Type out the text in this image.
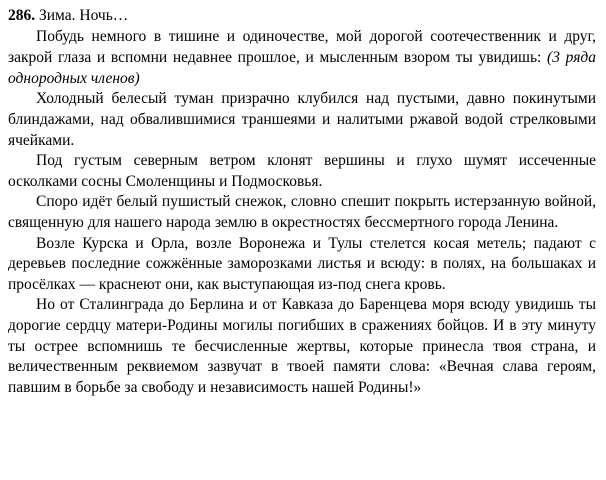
286. Зима. Ночь…

Побудь немного в тишине и одиночестве, мой дорогой соотечественник и друг, закрой глаза и вспомни недавнее прошлое, и мысленным взором ты увидишь: (3 ряда однородных членов)

Холодный белесый туман призрачно клубился над пустыми, давно покинутыми блиндажами, над обвалившимися траншеями и налитыми ржавой водой стрелковыми ячейками.

Под густым северным ветром клонят вершины и глухо шумят иссеченные осколками сосны Смоленщины и Подмосковья.

Споро идёт белый пушистый снежок, словно спешит покрыть истерзанную войной, священную для нашего народа землю в окрестностях бессмертного города Ленина.

Возле Курска и Орла, возле Воронежа и Тулы стелется косая метель; падают с деревьев последние сожжённые заморозками листья и всюду: в полях, на большаках и просёлках — краснеют они, как выступающая из-под снега кровь.

Но от Сталинграда до Берлина и от Кавказа до Баренцева моря всюду увидишь ты дорогие сердцу матери-Родины могилы погибших в сражениях бойцов. И в эту минуту ты острее вспомнишь те бесчисленные жертвы, которые принесла твоя страна, и величественным реквиемом зазвучат в твоей памяти слова: «Вечная слава героям, павшим в борьбе за свободу и независимость нашей Родины!»
